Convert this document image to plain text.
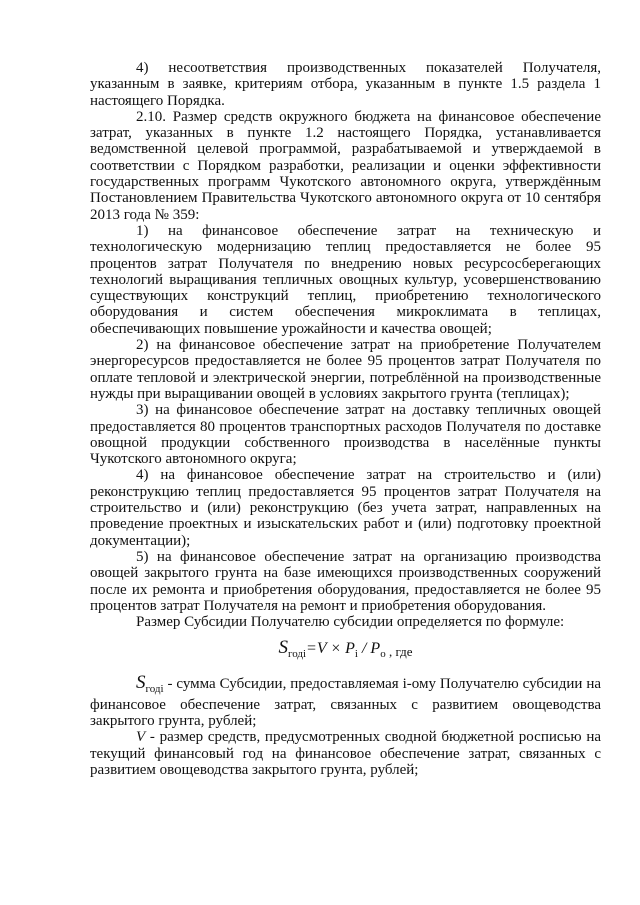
4) несоответствия производственных показателей Получателя, указанным в заявке, критериям отбора, указанным в пункте 1.5 раздела 1 настоящего Порядка.

2.10. Размер средств окружного бюджета на финансовое обеспечение затрат, указанных в пункте 1.2 настоящего Порядка, устанавливается ведомственной целевой программой, разрабатываемой и утверждаемой в соответствии с Порядком разработки, реализации и оценки эффективности государственных программ Чукотского автономного округа, утверждённым Постановлением Правительства Чукотского автономного округа от 10 сентября 2013 года № 359:

1) на финансовое обеспечение затрат на техническую и технологическую модернизацию теплиц предоставляется не более 95 процентов затрат Получателя по внедрению новых ресурсосберегающих технологий выращивания тепличных овощных культур, усовершенствованию существующих конструкций теплиц, приобретению технологического оборудования и систем обеспечения микроклимата в теплицах, обеспечивающих повышение урожайности и качества овощей;

2) на финансовое обеспечение затрат на приобретение Получателем энергоресурсов предоставляется не более 95 процентов затрат Получателя по оплате тепловой и электрической энергии, потреблённой на производственные нужды при выращивании овощей в условиях закрытого грунта (теплицах);

3) на финансовое обеспечение затрат на доставку тепличных овощей предоставляется 80 процентов транспортных расходов Получателя по доставке овощной продукции собственного производства в населённые пункты Чукотского автономного округа;

4) на финансовое обеспечение затрат на строительство и (или) реконструкцию теплиц предоставляется 95 процентов затрат Получателя на строительство и (или) реконструкцию (без учета затрат, направленных на проведение проектных и изыскательских работ и (или) подготовку проектной документации);

5) на финансовое обеспечение затрат на организацию производства овощей закрытого грунта на базе имеющихся производственных сооружений после их ремонта и приобретения оборудования, предоставляется не более 95 процентов затрат Получателя на ремонт и приобретения оборудования.

Размер Субсидии Получателю субсидии определяется по формуле:

$S_{годi}=V \times P_i / P_o$ , где

$S_{годi}$ - сумма Субсидии, предоставляемая i-ому Получателю субсидии на финансовое обеспечение затрат, связанных с развитием овощеводства закрытого грунта, рублей;

V - размер средств, предусмотренных сводной бюджетной росписью на текущий финансовый год на финансовое обеспечение затрат, связанных с развитием овощеводства закрытого грунта, рублей;
